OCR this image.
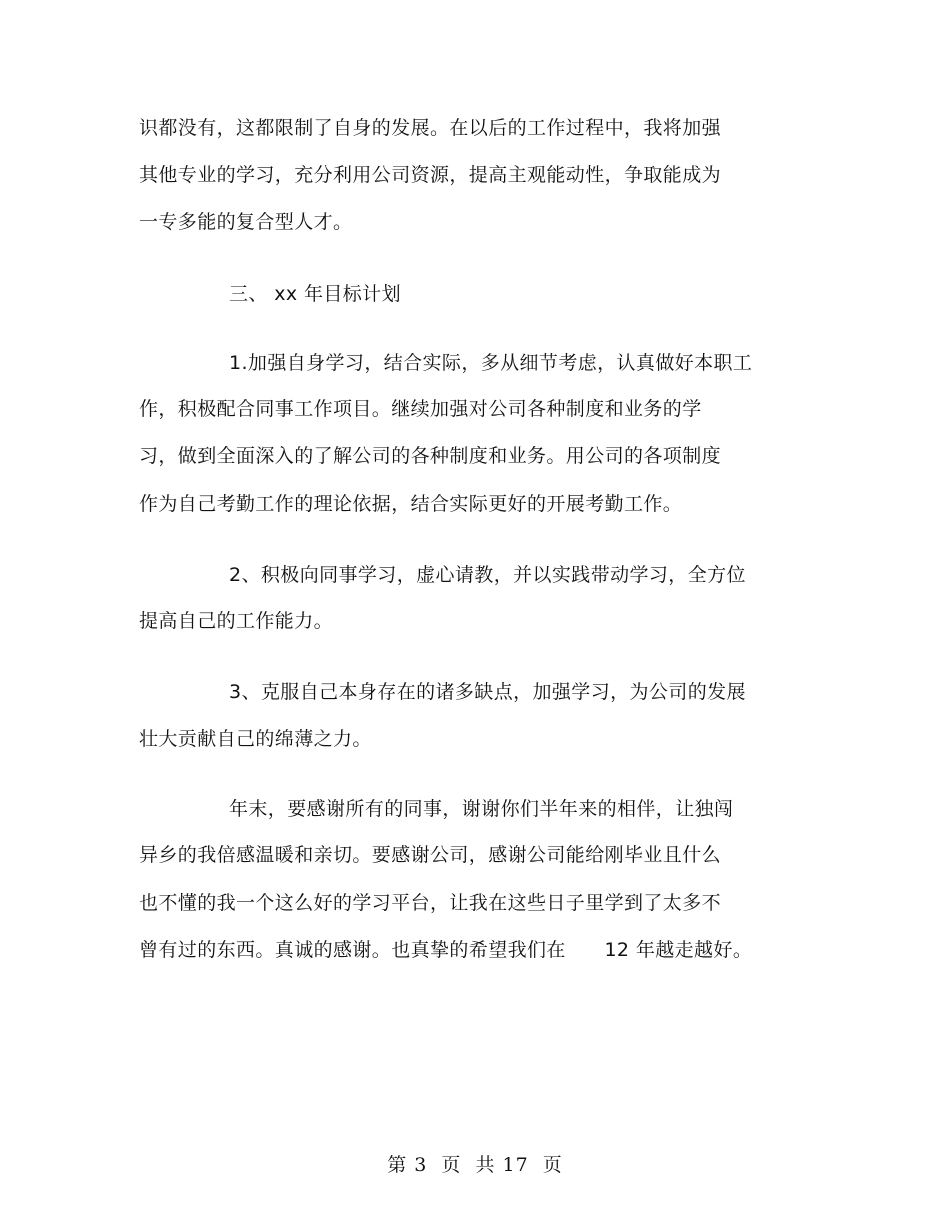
识都没有，这都限制了自身的发展。在以后的工作过程中，我将加强
其他专业的学习，充分利用公司资源，提高主观能动性，争取能成为
一专多能的复合型人才。
三、 xx 年目标计划
1.加强自身学习，结合实际，多从细节考虑，认真做好本职工
作，积极配合同事工作项目。继续加强对公司各种制度和业务的学
习，做到全面深入的了解公司的各种制度和业务。用公司的各项制度
作为自己考勤工作的理论依据，结合实际更好的开展考勤工作。
2、积极向同事学习，虚心请教，并以实践带动学习，全方位
提高自己的工作能力。
3、克服自己本身存在的诸多缺点，加强学习，为公司的发展
壮大贡献自己的绵薄之力。
年末，要感谢所有的同事，谢谢你们半年来的相伴，让独闯
异乡的我倍感温暖和亲切。要感谢公司，感谢公司能给刚毕业且什么
也不懂的我一个这么好的学习平台，让我在这些日子里学到了太多不
曾有过的东西。真诚的感谢。也真挚的希望我们在      12 年越走越好。
第 3  页  共 17  页
